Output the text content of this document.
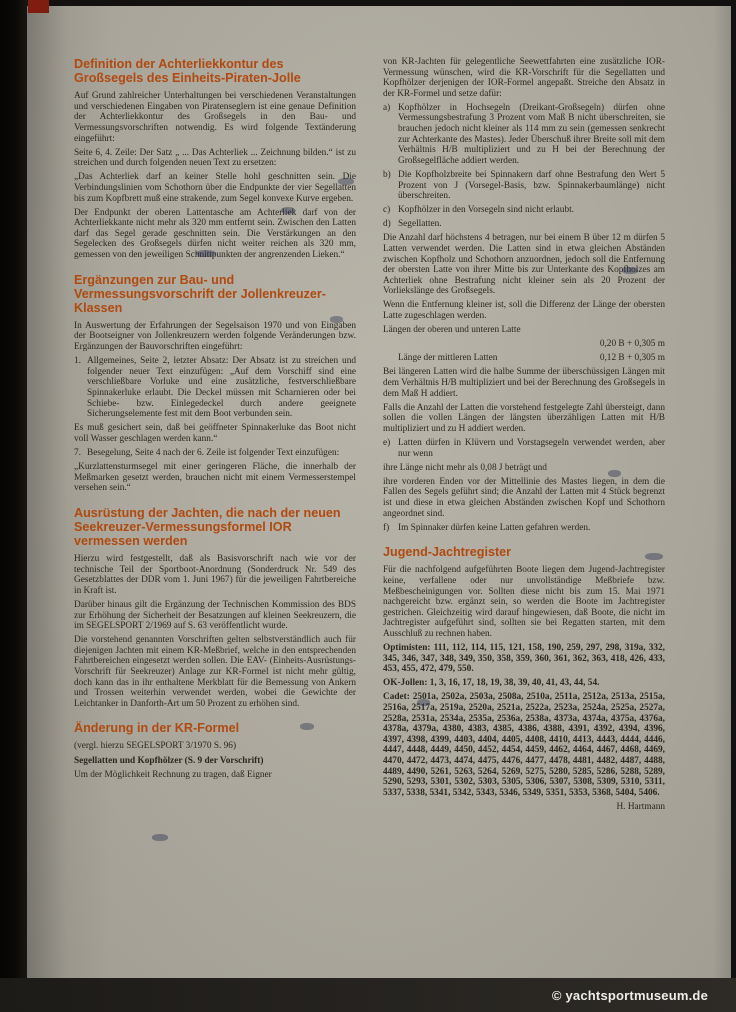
Definition der Achterliekkontur des Großsegels des Einheits-Piraten-Jolle

Auf Grund zahlreicher Unterhaltungen bei verschiedenen Veranstaltungen und verschiedenen Eingaben von Piratenseglern ist eine genaue Definition der Achterliekkontur des Großsegels in den Bau- und Vermessungsvorschriften notwendig. Es wird folgende Textänderung eingeführt:

Seite 6, 4. Zeile: Der Satz „ ... Das Achterliek ... Zeichnung bilden.“ ist zu streichen und durch folgenden neuen Text zu ersetzen:

„Das Achterliek darf an keiner Stelle hohl geschnitten sein. Die Verbindungslinien vom Schothorn über die Endpunkte der vier Segellatten bis zum Kopfbrett muß eine strakende, zum Segel konvexe Kurve ergeben.

Der Endpunkt der oberen Lattentasche am Achterliek darf von der Achterliekkante nicht mehr als 320 mm entfernt sein. Zwischen den Latten darf das Segel gerade geschnitten sein. Die Verstärkungen an den Segelecken des Großsegels dürfen nicht weiter reichen als 320 mm, gemessen von den jeweiligen Schnittpunkten der angrenzenden Lieken.“

Ergänzungen zur Bau- und Vermessungsvorschrift der Jollenkreuzer-Klassen

In Auswertung der Erfahrungen der Segelsaison 1970 und von Eingaben der Bootseigner von Jollenkreuzern werden folgende Veränderungen bzw. Ergänzungen der Bauvorschriften eingeführt:

1. Allgemeines, Seite 2, letzter Absatz: Der Absatz ist zu streichen und folgender neuer Text einzufügen: „Auf dem Vorschiff sind eine verschließbare Vorluke und eine zusätzliche, festverschließbare Spinnakerluke erlaubt. Die Deckel müssen mit Scharnieren oder bei Schiebe- bzw. Einlegedeckel durch andere geeignete Sicherungselemente fest mit dem Boot verbunden sein.

Es muß gesichert sein, daß bei geöffneter Spinnakerluke das Boot nicht voll Wasser geschlagen werden kann.“

7. Besegelung, Seite 4 nach der 6. Zeile ist folgender Text einzufügen:

„Kurzlattensturmsegel mit einer geringeren Fläche, die innerhalb der Meßmarken gesetzt werden, brauchen nicht mit einem Vermesserstempel versehen sein.“

Ausrüstung der Jachten, die nach der neuen Seekreuzer-Vermessungsformel IOR vermessen werden

Hierzu wird festgestellt, daß als Basisvorschrift nach wie vor der technische Teil der Sportboot-Anordnung (Sonderdruck Nr. 549 des Gesetzblattes der DDR vom 1. Juni 1967) für die jeweiligen Fahrtbereiche in Kraft ist.

Darüber hinaus gilt die Ergänzung der Technischen Kommission des BDS zur Erhöhung der Sicherheit der Besatzungen auf kleinen Seekreuzern, die im SEGELSPORT 2/1969 auf S. 63 veröffentlicht wurde.

Die vorstehend genannten Vorschriften gelten selbstverständlich auch für diejenigen Jachten mit einem KR-Meßbrief, welche in den entsprechenden Fahrtbereichen eingesetzt werden sollen. Die EAV- (Einheits-Ausrüstungs-Vorschrift für Seekreuzer) Anlage zur KR-Formel ist nicht mehr gültig, doch kann das in ihr enthaltene Merkblatt für die Bemessung von Ankern und Trossen weiterhin verwendet werden, wobei die Gewichte der Leichtanker in Danforth-Art um 50 Prozent zu erhöhen sind.

Änderung in der KR-Formel

(vergl. hierzu SEGELSPORT 3/1970 S. 96)

Segellatten und Kopfhölzer (S. 9 der Vorschrift)

Um der Möglichkeit Rechnung zu tragen, daß Eigner

von KR-Jachten für gelegentliche Seewettfahrten eine zusätzliche IOR-Vermessung wünschen, wird die KR-Vorschrift für die Segellatten und Kopfhölzer derjenigen der IOR-Formel angepaßt. Streiche den Absatz in der KR-Formel und setze dafür:

a) Kopfhölzer in Hochsegeln (Dreikant-Großsegeln) dürfen ohne Vermessungsbestrafung 3 Prozent vom Maß B nicht überschreiten, sie brauchen jedoch nicht kleiner als 114 mm zu sein (gemessen senkrecht zur Achterkante des Mastes). Jeder Überschuß ihrer Breite soll mit dem Verhältnis H/B multipliziert und zu H bei der Berechnung der Großsegelfläche addiert werden.
b) Die Kopfholzbreite bei Spinnakern darf ohne Bestrafung den Wert 5 Prozent von J (Vorsegel-Basis, bzw. Spinnakerbaumlänge) nicht überschreiten.
c) Kopfhölzer in den Vorsegeln sind nicht erlaubt.
d) Segellatten.

Die Anzahl darf höchstens 4 betragen, nur bei einem B über 12 m dürfen 5 Latten verwendet werden. Die Latten sind in etwa gleichen Abständen zwischen Kopfholz und Schothorn anzuordnen, jedoch soll die Entfernung der obersten Latte von ihrer Mitte bis zur Unterkante des Kopfholzes am Achterliek ohne Bestrafung nicht kleiner sein als 20 Prozent der Vorliekslänge des Großsegels.

Wenn die Entfernung kleiner ist, soll die Differenz der Länge der obersten Latte zugeschlagen werden.

Längen der oberen und unteren Latte

0,20 B + 0,305 m

Länge der mittleren Latten	0,12 B + 0,305 m

Bei längeren Latten wird die halbe Summe der überschüssigen Längen mit dem Verhältnis H/B multipliziert und bei der Berechnung des Großsegels in dem Maß H addiert.

Falls die Anzahl der Latten die vorstehend festgelegte Zahl übersteigt, dann sollen die vollen Längen der längsten überzähligen Latten mit H/B multipliziert und zu H addiert werden.

e) Latten dürfen in Klüvern und Vorstagsegeln verwendet werden, aber nur wenn

ihre Länge nicht mehr als 0,08 J beträgt und

ihre vorderen Enden vor der Mittellinie des Mastes liegen, in dem die Fallen des Segels geführt sind; die Anzahl der Latten mit 4 Stück begrenzt ist und diese in etwa gleichen Abständen zwischen Kopf und Schothorn angeordnet sind.

f) Im Spinnaker dürfen keine Latten gefahren werden.
Jugend-Jachtregister

Für die nachfolgend aufgeführten Boote liegen dem Jugend-Jachtregister keine, verfallene oder nur unvollständige Meßbriefe bzw. Meßbescheinigungen vor. Sollten diese nicht bis zum 15. Mai 1971 nachgereicht bzw. ergänzt sein, so werden die Boote im Jachtregister gestrichen. Gleichzeitig wird darauf hingewiesen, daß Boote, die nicht im Jachtregister aufgeführt sind, sollten sie bei Regatten starten, mit dem Ausschluß zu rechnen haben.

Optimisten: 111, 112, 114, 115, 121, 158, 190, 259, 297, 298, 319a, 332, 345, 346, 347, 348, 349, 350, 358, 359, 360, 361, 362, 363, 418, 426, 433, 453, 455, 472, 479, 550.

OK-Jollen: 1, 3, 16, 17, 18, 19, 38, 39, 40, 41, 43, 44, 54.

Cadet: 2501a, 2502a, 2503a, 2508a, 2510a, 2511a, 2512a, 2513a, 2515a, 2516a, 2517a, 2519a, 2520a, 2521a, 2522a, 2523a, 2524a, 2525a, 2527a, 2528a, 2531a, 2534a, 2535a, 2536a, 2538a, 4373a, 4374a, 4375a, 4376a, 4378a, 4379a, 4380, 4383, 4385, 4386, 4388, 4391, 4392, 4394, 4396, 4397, 4398, 4399, 4403, 4404, 4405, 4408, 4410, 4413, 4443, 4444, 4446, 4447, 4448, 4449, 4450, 4452, 4454, 4459, 4462, 4464, 4467, 4468, 4469, 4470, 4472, 4473, 4474, 4475, 4476, 4477, 4478, 4481, 4482, 4487, 4488, 4489, 4490, 5261, 5263, 5264, 5269, 5275, 5280, 5285, 5286, 5288, 5289, 5290, 5293, 5301, 5302, 5303, 5305, 5306, 5307, 5308, 5309, 5310, 5311, 5337, 5338, 5341, 5342, 5343, 5346, 5349, 5351, 5353, 5368, 5404, 5406.

H. Hartmann

© yachtsportmuseum.de
